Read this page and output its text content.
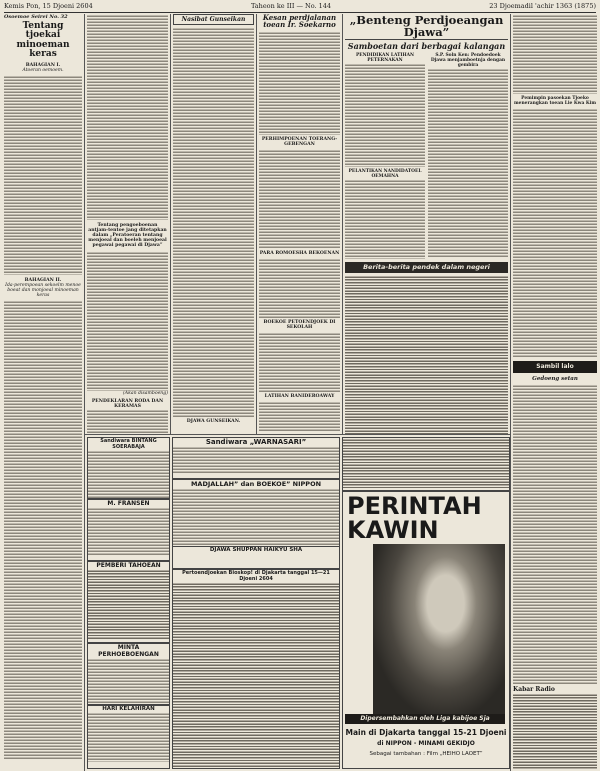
Kemis Pon, 15 Djoeni 2604	Taheon ke III — No. 144	23 Djoemadil 'achir 1363 (1875)
Osoemoe Seirei No. 32
Tentang tjoekai minoeman keras
BAHAGIAN I.
Atoeran oemoem.
BAHAGIAN II.
Ida-perempoean sekoelm menoe boeat dan monjoeal minoeman keras
Tentang pengoeboenan antjam-tentoe jang ditetapkan dalam „Peratoeran tentang menjoeal dan boeleh menjoeal pegawai pegawai di Djawa”
(Akan disamboeng)
PENDEKLARAN RODA DAN KERAMAS
Nasibat Gunseikan
DJAWA GUNSEIKAN.
Kesan perdjalanan toean Ir. Soekarno
PERHIMPOENAN TOERANG-GEBENGAN
PARA ROMOESHA BEKOENAN
BOEKOE PETOENDJOEK DI SEKOLAH
LATIHAN BANIDEROAWAY
„Benteng Perdjoeangan Djawa”
Samboetan dari berbagai kalangan
PENDIDIKAN LATIHAN PETERNAKAN
PELANTIKAN NANDIDATOEL OEMAHNA
S.P. Soln Ken: Pendoedoek Djawa menjamboetnja dengan gembira
Berita-berita pendek dalam negeri
Pemimpin pasoekan Tjoeko menerangkan toean Lie Kwa Kim
Sambil lalo
Gedoeng setan
Kabar Radio
Sandiwara BINTANG SOERABAJA
M. FRANSEN
PEMBERI TAHOEAN
MINTA PERHOEBOENGAN
HARI KELAHIRAN
Sandiwara „WARNASARI”
MADJALLAH” dan BOEKOE” NIPPON
DJAWA SHUPPAN HAIKYU SHA
Pertoendjoekan Bioskop! di Djakarta tanggal 15—21 Djoeni 2604
PERINTAH KAWIN
Dipersembahkan oleh Liga kabijoe Sja
Main di Djakarta tanggal 15-21 Djoeni
di NIPPON - MINAMI GEKIDJO
Sebagai tambahan : Film „HEIHO LAOET”
